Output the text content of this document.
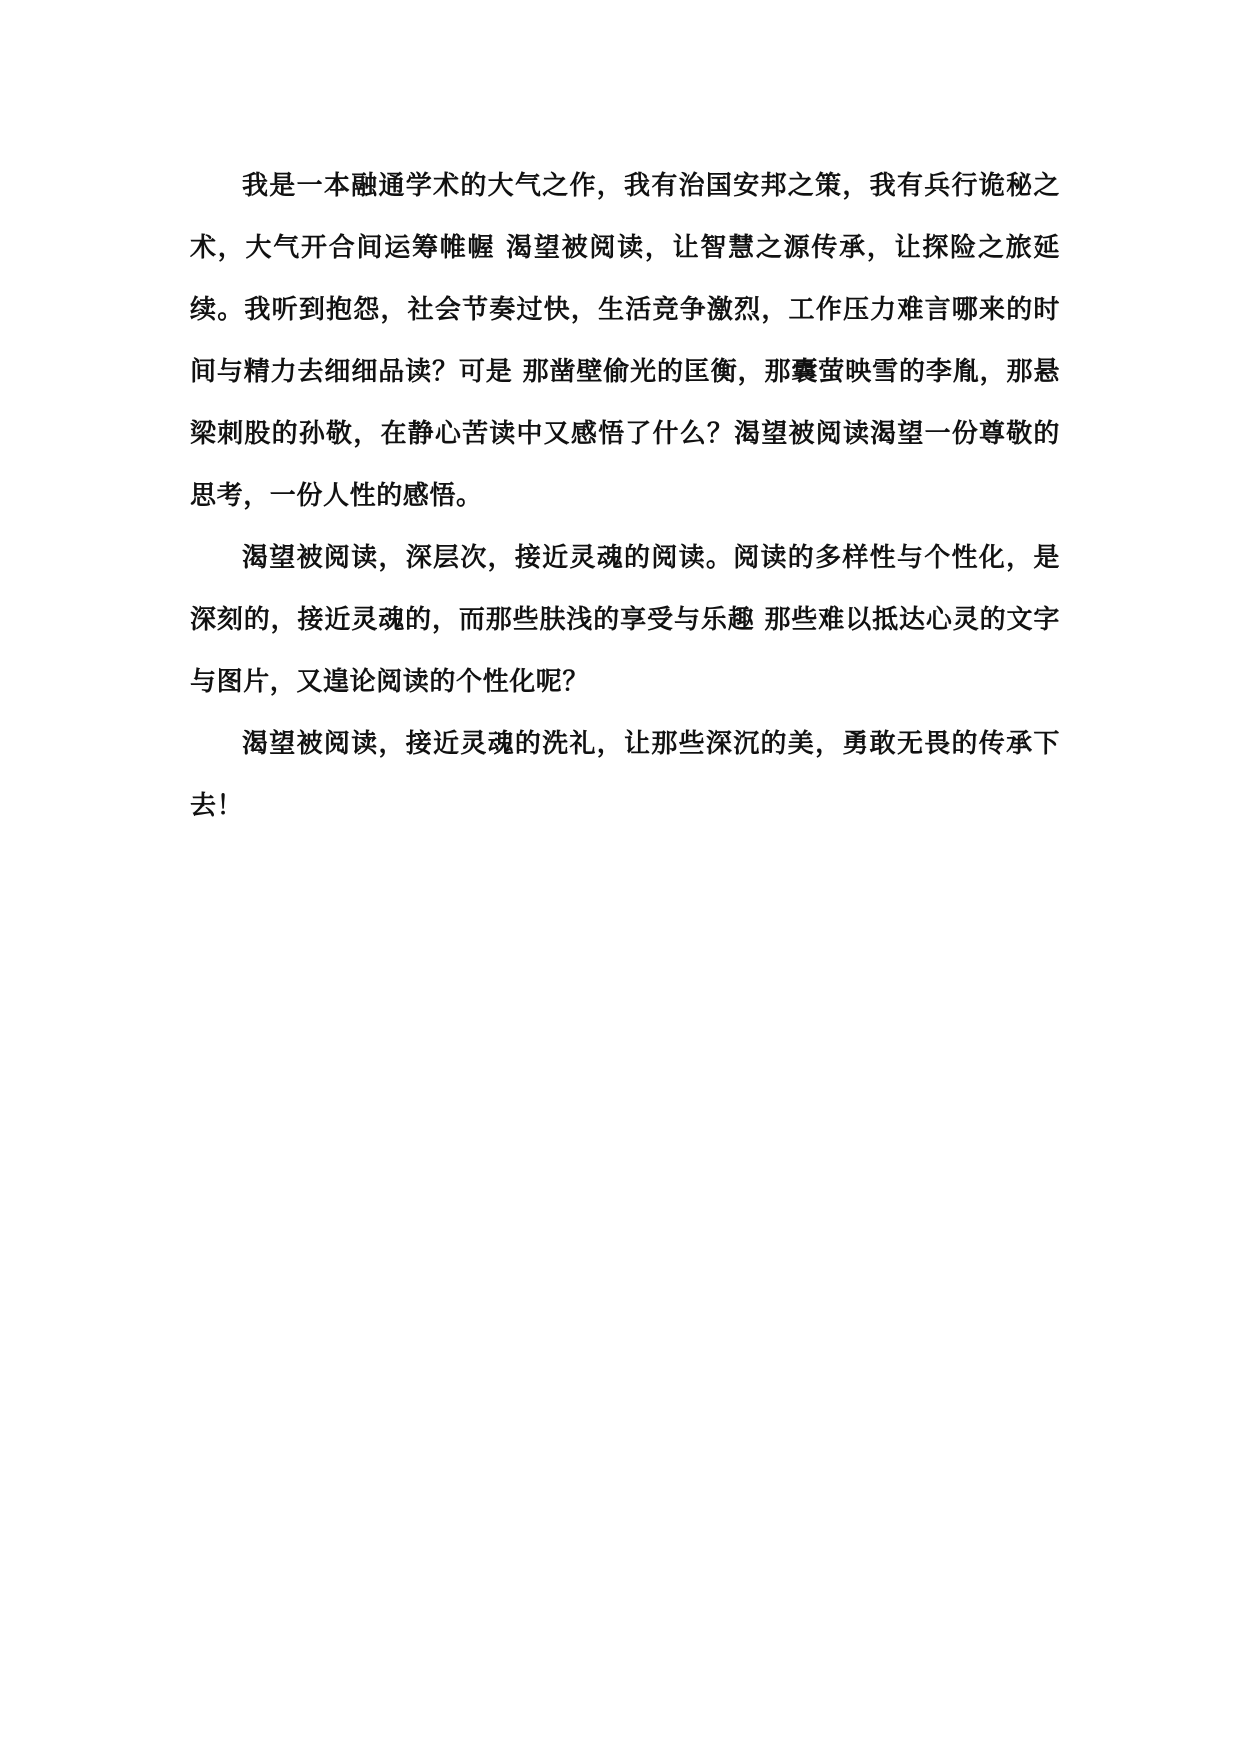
我是一本融通学术的大气之作，我有治国安邦之策，我有兵行诡秘之术，大气开合间运筹帷幄 渴望被阅读，让智慧之源传承，让探险之旅延续。我听到抱怨，社会节奏过快，生活竞争激烈，工作压力难言哪来的时间与精力去细细品读？可是 那凿壁偷光的匡衡，那囊萤映雪的李胤，那悬梁刺股的孙敬，在静心苦读中又感悟了什么？渴望被阅读渴望一份尊敬的思考，一份人性的感悟。

渴望被阅读，深层次，接近灵魂的阅读。阅读的多样性与个性化，是深刻的，接近灵魂的，而那些肤浅的享受与乐趣 那些难以抵达心灵的文字与图片，又遑论阅读的个性化呢？

渴望被阅读，接近灵魂的洗礼，让那些深沉的美，勇敢无畏的传承下去！
